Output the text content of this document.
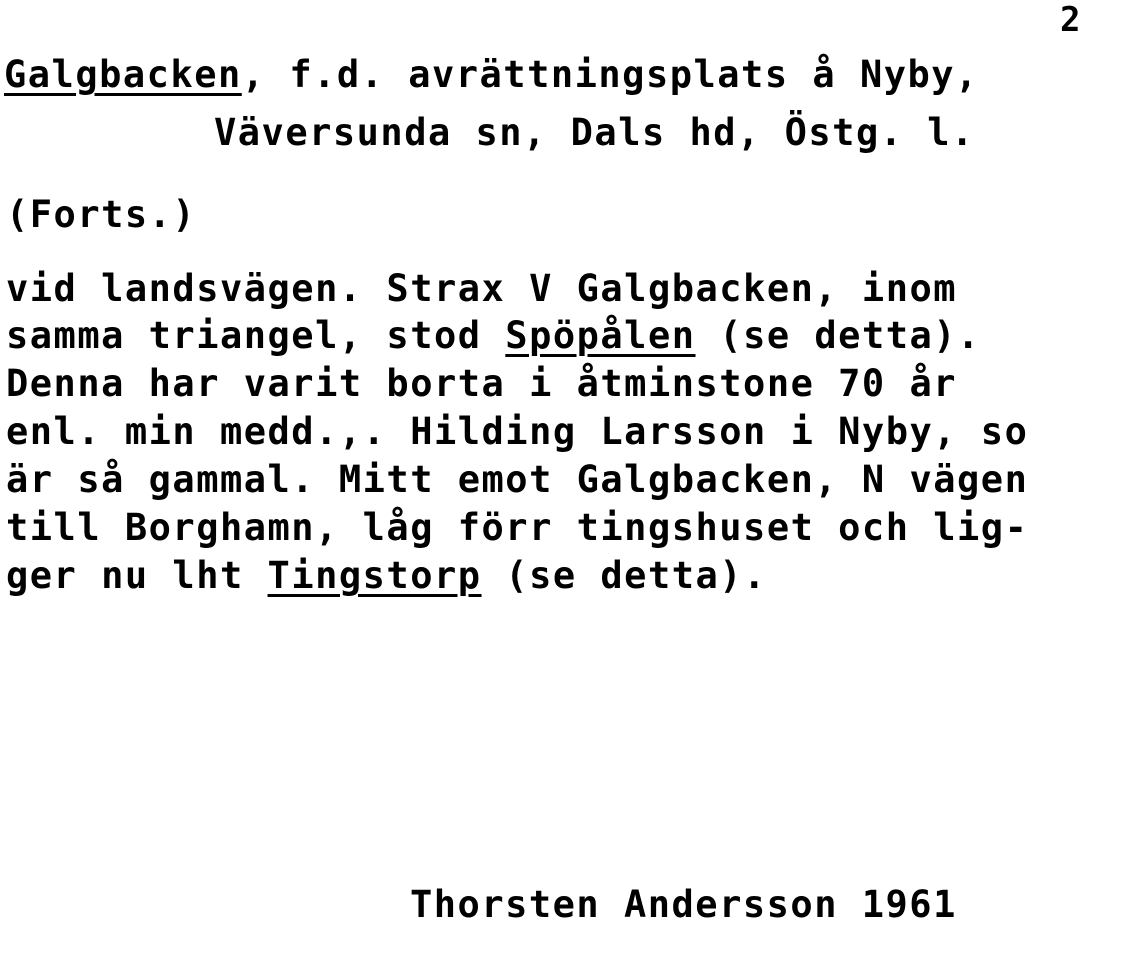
2
Galgbacken, f.d. avrättningsplats å Nyby,
Väversunda sn, Dals hd, Östg. l.
(Forts.)
vid landsvägen. Strax V Galgbacken, inom
samma triangel, stod Spöpålen (se detta).
Denna har varit borta i åtminstone 70 år
enl. min medd.,. Hilding Larsson i Nyby, so
är så gammal. Mitt emot Galgbacken, N vägen
till Borghamn, låg förr tingshuset och lig-
ger nu lht Tingstorp (se detta).
Thorsten Andersson 1961
